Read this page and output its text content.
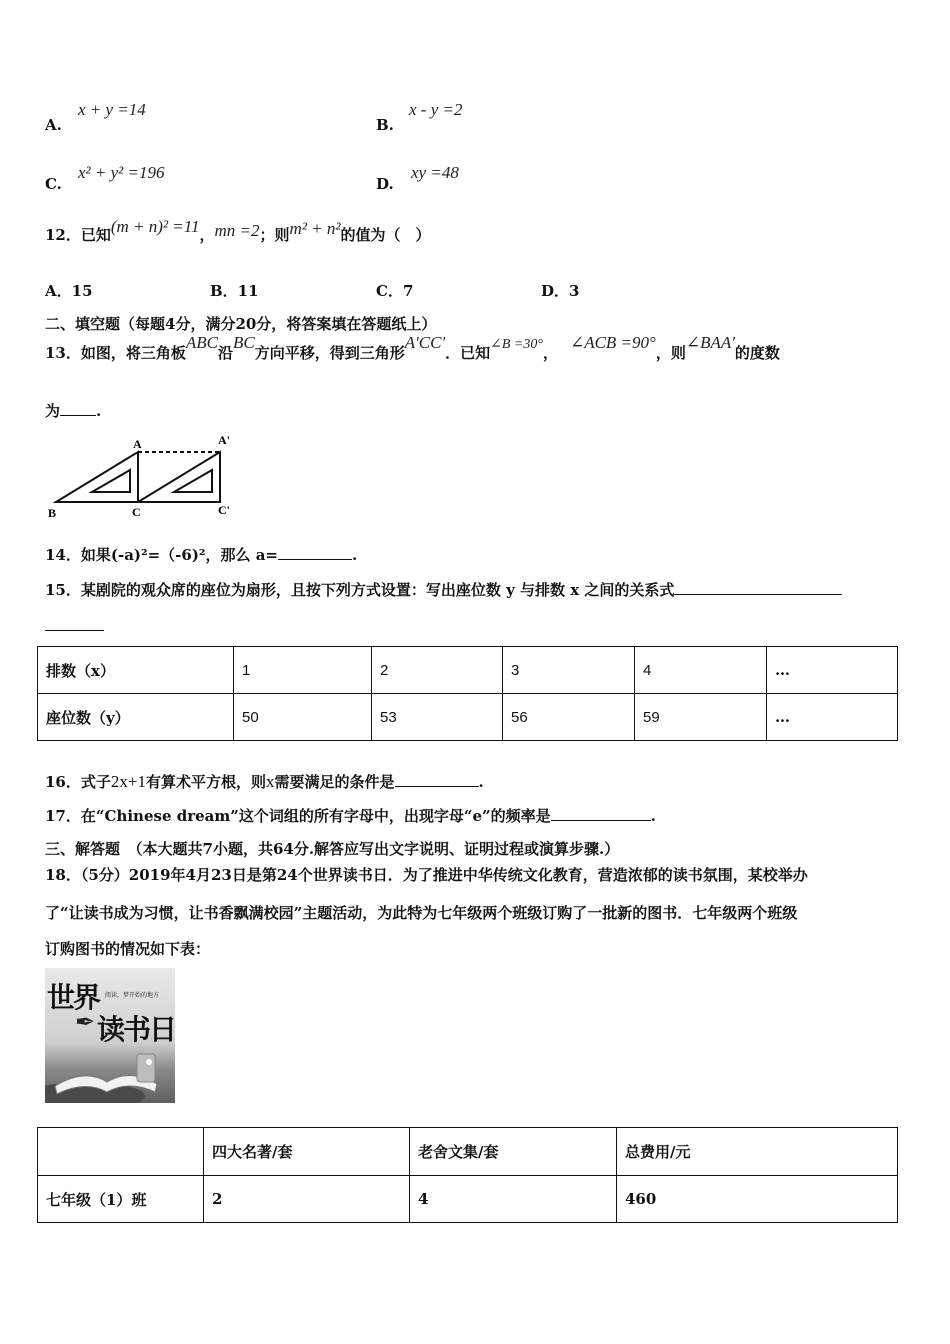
A.
x + y =14
B.
x - y =2
C.
x² + y² =196
D.
xy =48
12．已知(m + n)² =11，mn =2；则m² + n²的值为（　）
A．15	B．11	C．7	D．3
二、填空题（每题4分，满分20分，将答案填在答题纸上）
13．如图，将三角板ABC沿BC方向平移，得到三角形A'CC'．已知∠B =30°，∠ACB =90°，则∠BAA'的度数
为 .
A	A'
B	C	C'
14．如果(-a)²=（-6)²，那么 a=	.
15．某剧院的观众席的座位为扇形，且按下列方式设置：写出座位数 y 与排数 x 之间的关系式
排数（x）	1	2	3	4	…
座位数（y）	50	53	56	59	…
16．式子2x+1有算术平方根，则x需要满足的条件是	.
17．在“Chinese dream”这个词组的所有字母中，出现字母“e”的频率是	.
三、解答题　（本大题共7小题，共64分.解答应写出文字说明、证明过程或演算步骤.）
18．（5分）2019年4月23日是第24个世界读书日．为了推进中华传统文化教育，营造浓郁的读书氛围，某校举办
了“让读书成为习惯，让书香飘满校园”主题活动，为此特为七年级两个班级订购了一批新的图书．七年级两个班级
订购图书的情况如下表：
世界 阅读，梦开始的地方
✒ 读书日
	四大名著/套	老舍文集/套	总费用/元
七年级（1）班	2	4	460
